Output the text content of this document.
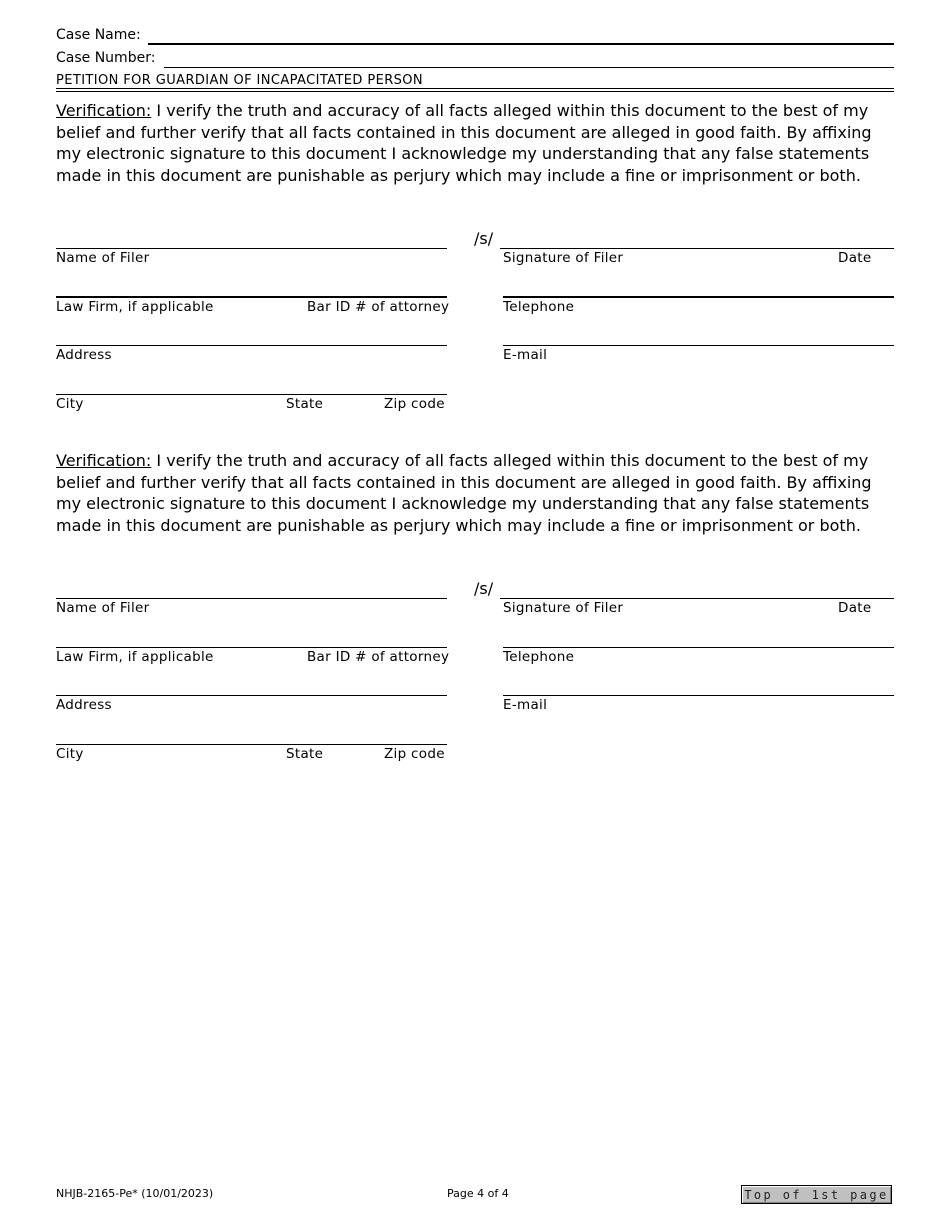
Case Name:
Case Number:
PETITION FOR GUARDIAN OF INCAPACITATED PERSON
Verification: I verify the truth and accuracy of all facts alleged within this document to the best of my belief and further verify that all facts contained in this document are alleged in good faith. By affixing my electronic signature to this document I acknowledge my understanding that any false statements made in this document are punishable as perjury which may include a fine or imprisonment or both.
/s/
Name of Filer	Signature of Filer	Date
Law Firm, if applicable	Bar ID # of attorney	Telephone
Address	E-mail
City	State	Zip code
Verification: I verify the truth and accuracy of all facts alleged within this document to the best of my belief and further verify that all facts contained in this document are alleged in good faith. By affixing my electronic signature to this document I acknowledge my understanding that any false statements made in this document are punishable as perjury which may include a fine or imprisonment or both.
/s/
Name of Filer	Signature of Filer	Date
Law Firm, if applicable	Bar ID # of attorney	Telephone
Address	E-mail
City	State	Zip code
NHJB-2165-Pe* (10/01/2023)	Page 4 of 4	Top of 1st page
